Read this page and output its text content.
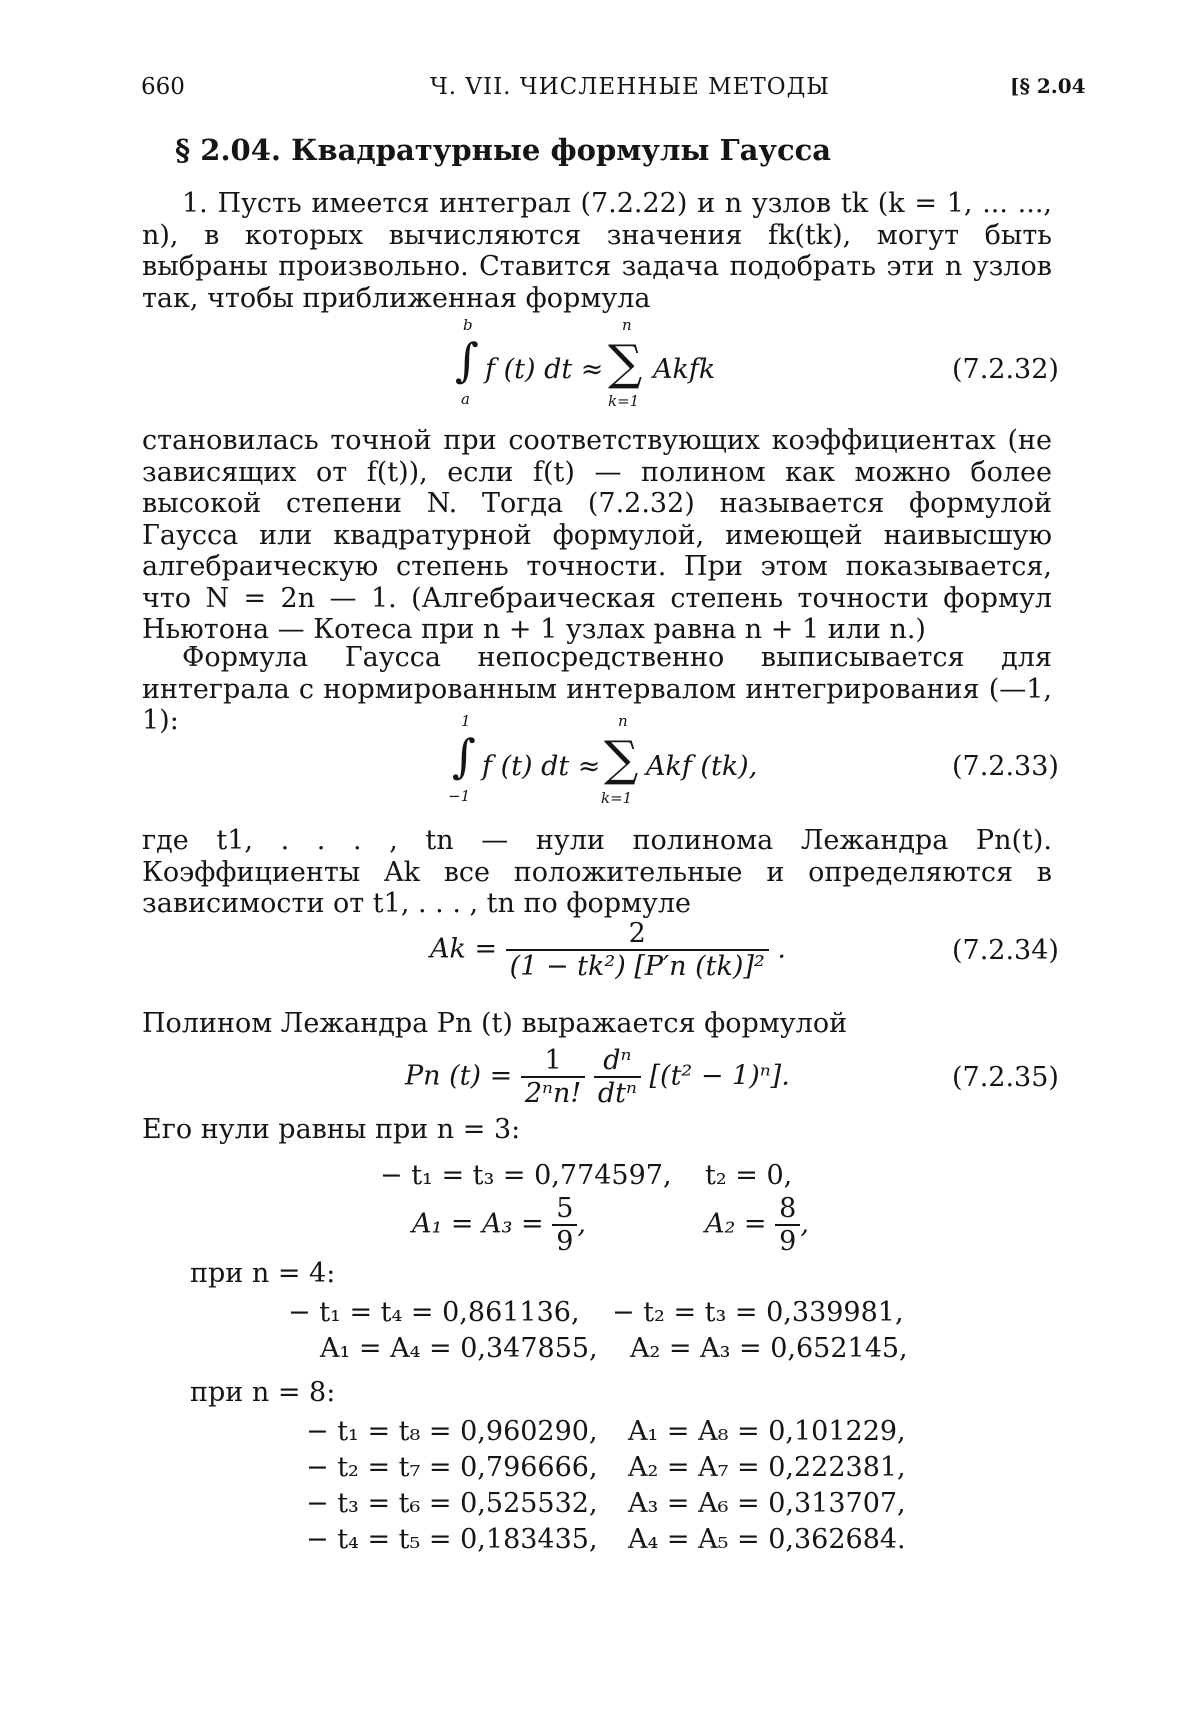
660	Ч. VII. ЧИСЛЕННЫЕ МЕТОДЫ	[§ 2.04
§ 2.04. Квадратурные формулы Гаусса

1. Пусть имеется интеграл (7.2.22) и n узлов tk (k = 1, ... ..., n), в которых вычисляются значения fk(tk), могут быть выбраны произвольно. Ставится задача подобрать эти n узлов так, чтобы приближенная формула

b
∫
a
f (t) dt ≈
n
∑
k=1
Akfk	(7.2.32)

становилась точной при соответствующих коэффициентах (не зависящих от f(t)), если f(t) — полином как можно более высокой степени N. Тогда (7.2.32) называется формулой Гаусса или квадратурной формулой, имеющей наивысшую алгебраическую степень точности. При этом показывается, что N = 2n — 1. (Алгебраическая степень точности формул Ньютона — Котеса при n + 1 узлах равна n + 1 или n.)

Формула Гаусса непосредственно выписывается для интеграла с нормированным интервалом интегрирования (—1, 1):	1
∫
−1
f (t) dt ≈
n
∑
k=1
Akf (tk),	(7.2.33)

где t1, . . . , tn — нули полинома Лежандра Pn(t). Коэффициенты Ak все положительные и определяются в зависимости от t1, . . . , tn по формуле

$Ak = \frac{2}{\text{(1 − tk²) [P′n (tk)]²}}$ .	(7.2.34)

Полином Лежандра Pn (t) выражается формулой

Pn $(t) = \frac{1}{\text{2ⁿn!}}$
$\frac{\text{dⁿ}}{\text{dtⁿ}} [(t^2 - 1)^n]$.	(7.2.35)

Его нули равны при n = 3:

− t₁ = t₃ = 0,774597, t₂ = 0,
$A_1 = A_3 = \frac{5}{9}$ ,	$A_2 = \frac{8}{9}$ ,
при n = 4:
− t₁ = t₄ = 0,861136, − t₂ = t₃ = 0,339981,
A₁ = A₄ = 0,347855, A₂ = A₃ = 0,652145,
при n = 8:
− t₁ = t₈ = 0,960290, A₁ = A₈ = 0,101229,
− t₂ = t₇ = 0,796666, A₂ = A₇ = 0,222381,
− t₃ = t₆ = 0,525532, A₃ = A₆ = 0,313707,
− t₄ = t₅ = 0,183435, A₄ = A₅ = 0,362684.
